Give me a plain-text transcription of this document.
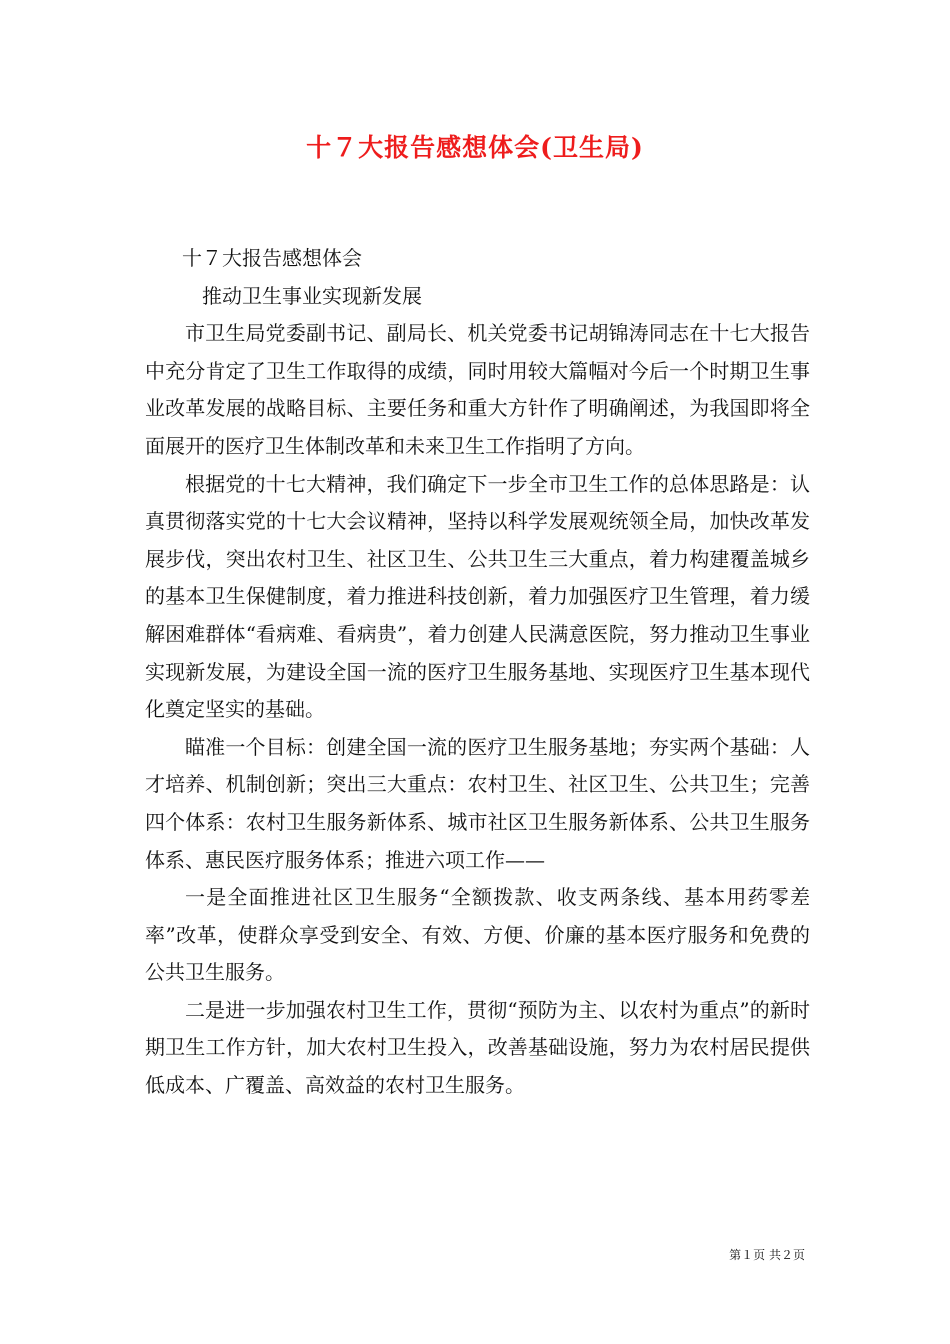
十７大报告感想体会(卫生局)

十７大报告感想体会

推动卫生事业实现新发展

市卫生局党委副书记、副局长、机关党委书记胡锦涛同志在十七大报告中充分肯定了卫生工作取得的成绩，同时用较大篇幅对今后一个时期卫生事业改革发展的战略目标、主要任务和重大方针作了明确阐述，为我国即将全面展开的医疗卫生体制改革和未来卫生工作指明了方向。

根据党的十七大精神，我们确定下一步全市卫生工作的总体思路是：认真贯彻落实党的十七大会议精神，坚持以科学发展观统领全局，加快改革发展步伐，突出农村卫生、社区卫生、公共卫生三大重点，着力构建覆盖城乡的基本卫生保健制度，着力推进科技创新，着力加强医疗卫生管理，着力缓解困难群体“看病难、看病贵”，着力创建人民满意医院，努力推动卫生事业实现新发展，为建设全国一流的医疗卫生服务基地、实现医疗卫生基本现代化奠定坚实的基础。

瞄准一个目标：创建全国一流的医疗卫生服务基地；夯实两个基础：人才培养、机制创新；突出三大重点：农村卫生、社区卫生、公共卫生；完善四个体系：农村卫生服务新体系、城市社区卫生服务新体系、公共卫生服务体系、惠民医疗服务体系；推进六项工作——

一是全面推进社区卫生服务“全额拨款、收支两条线、基本用药零差率”改革，使群众享受到安全、有效、方便、价廉的基本医疗服务和免费的公共卫生服务。

二是进一步加强农村卫生工作，贯彻“预防为主、以农村为重点”的新时期卫生工作方针，加大农村卫生投入，改善基础设施，努力为农村居民提供低成本、广覆盖、高效益的农村卫生服务。

第１页 共２页
